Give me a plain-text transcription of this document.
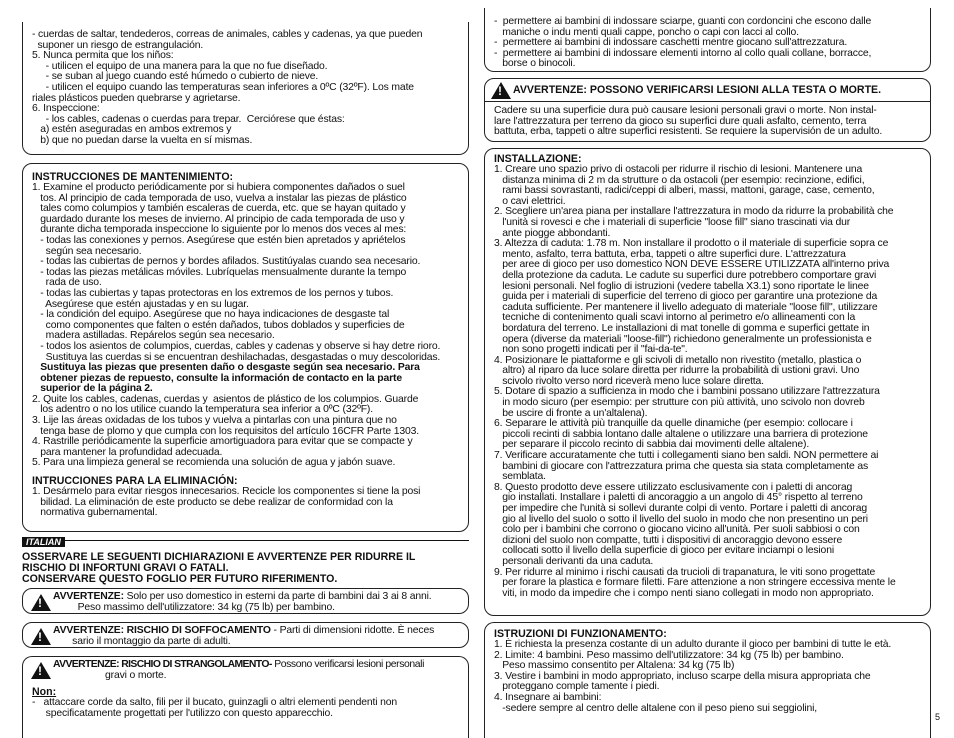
- cuerdas de saltar, tendederos, correas de animales, cables y cadenas, ya que pueden
suponer un riesgo de estrangulación.
5. Nunca permita que los niños:
- utilicen el equipo de una manera para la que no fue diseñado.
- se suban al juego cuando esté húmedo o cubierto de nieve.
- utilicen el equipo cuando las temperaturas sean inferiores a 0ºC (32ºF). Los mate
riales plásticos pueden quebrarse y agrietarse.
6. Inspeccione:
- los cables, cadenas o cuerdas para trepar.  Cerciórese que éstas:
a) estén aseguradas en ambos extremos y
b) que no puedan darse la vuelta en sí mismas.
INSTRUCCIONES DE MANTENIMIENTO:
1. Examine el producto periódicamente por si hubiera componentes dañados o suel
tos. Al principio de cada temporada de uso, vuelva a instalar las piezas de plástico
tales como columpios y también escaleras de cuerda, etc. que se hayan quitado y
guardado durante los meses de invierno. Al principio de cada temporada de uso y
durante dicha temporada inspeccione lo siguiente por lo menos dos veces al mes:
- todas las conexiones y pernos. Asegúrese que estén bien apretados y apriételos
según sea necesario.
- todas las cubiertas de pernos y bordes afilados. Sustitúyalas cuando sea necesario.
- todas las piezas metálicas móviles. Lubríquelas mensualmente durante la tempo
rada de uso.
- todas las cubiertas y tapas protectoras en los extremos de los pernos y tubos.
Asegúrese que estén ajustadas y en su lugar.
- la condición del equipo. Asegúrese que no haya indicaciones de desgaste tal
como componentes que falten o estén dañados, tubos doblados y superficies de
madera astilladas. Repárelos según sea necesario.
- todos los asientos de columpios, cuerdas, cables y cadenas y observe si hay detre rioro.
Sustituya las cuerdas si se encuentran deshilachadas, desgastadas o muy descoloridas.
Sustituya las piezas que presenten daño o desgaste según sea necesario. Para
obtener piezas de repuesto, consulte la información de contacto en la parte
superior de la página 2.
2. Quite los cables, cadenas, cuerdas y  asientos de plástico de los columpios. Guarde
los adentro o no los utilice cuando la temperatura sea inferior a 0ºC (32ºF).
3. Lije las áreas oxidadas de los tubos y vuelva a pintarlas con una pintura que no
tenga base de plomo y que cumpla con los requisitos del artículo 16CFR Parte 1303.
4. Rastrille periódicamente la superficie amortiguadora para evitar que se compacte y
para mantener la profundidad adecuada.
5. Para una limpieza general se recomienda una solución de agua y jabón suave.
INTRUCCIONES PARA LA ELIMINACIÓN:
1. Desármelo para evitar riesgos innecesarios. Recicle los componentes si tiene la posi
bilidad. La eliminación de este producto se debe realizar de conformidad con la
normativa gubernamental.
ITALIAN
OSSERVARE LE SEGUENTI DICHIARAZIONI E AVVERTENZE PER RIDURRE IL
RISCHIO DI INFORTUNI GRAVI O FATALI.
CONSERVARE QUESTO FOGLIO PER FUTURO RIFERIMENTO.
!
AVVERTENZE: Solo per uso domestico in esterni da parte di bambini dai 3 ai 8 anni.
Peso massimo dell'utilizzatore: 34 kg (75 lb) per bambino.
!
AVVERTENZE: RISCHIO DI SOFFOCAMENTO - Parti di dimensioni ridotte. È neces
sario il montaggio da parte di adulti.
!
AVVERTENZE: RISCHIO DI STRANGOLAMENTO- Possono verificarsi lesioni personali
gravi o morte.
Non:
-   attaccare corde da salto, fili per il bucato, guinzagli o altri elementi pendenti non
specificatamente progettati per l'utilizzo con questo apparecchio.
-  permettere ai bambini di indossare sciarpe, guanti con cordoncini che escono dalle
maniche o indu menti quali cappe, poncho o capi con lacci al collo.
-  permettere ai bambini di indossare caschetti mentre giocano sull'attrezzatura.
-  permettere ai bambini di indossare elementi intorno al collo quali collane, borracce,
borse o binocoli.
!
AVVERTENZE: POSSONO VERIFICARSI LESIONI ALLA TESTA O MORTE.
Cadere su una superficie dura può causare lesioni personali gravi o morte. Non instal-
lare l'attrezzatura per terreno da gioco su superfici dure quali asfalto, cemento, terra
battuta, erba, tappeti o altre superfici resistenti. Se requiere la supervisión de un adulto.
INSTALLAZIONE:
1. Creare uno spazio privo di ostacoli per ridurre il rischio di lesioni. Mantenere una
distanza minima di 2 m da strutture o da ostacoli (per esempio: recinzione, edifici,
rami bassi sovrastanti, radici/ceppi di alberi, massi, mattoni, garage, case, cemento,
o cavi elettrici.
2. Scegliere un'area piana per installare l'attrezzatura in modo da ridurre la probabilità che
l'unità si rovesci e che i materiali di superficie "loose fill" siano trascinati via dur
ante piogge abbondanti.
3. Altezza di caduta: 1.78 m. Non installare il prodotto o il materiale di superficie sopra ce
mento, asfalto, terra battuta, erba, tappeti o altre superfici dure. L'attrezzatura
per aree di gioco per uso domestico NON DEVE ESSERE UTILIZZATA all'interno priva
della protezione da caduta. Le cadute su superfici dure potrebbero comportare gravi
lesioni personali. Nel foglio di istruzioni (vedere tabella X3.1) sono riportate le linee
guida per i materiali di superficie del terreno di gioco per garantire una protezione da
caduta sufficiente. Per mantenere il livello adeguato di materiale "loose fill", utilizzare
tecniche di contenimento quali scavi intorno al perimetro e/o allineamenti con la
bordatura del terreno. Le installazioni di mat tonelle di gomma e superfici gettate in
opera (diverse da materiali "loose-fill") richiedono generalmente un professionista e
non sono progetti indicati per il "fai-da-te".
4. Posizionare le piattaforme e gli scivoli di metallo non rivestito (metallo, plastica o
altro) al riparo da luce solare diretta per ridurre la probabilità di ustioni gravi. Uno
scivolo rivolto verso nord riceverà meno luce solare diretta.
5. Dotare di spazio a sufficienza in modo che i bambini possano utilizzare l'attrezzatura
in modo sicuro (per esempio: per strutture con più attività, uno scivolo non dovreb
be uscire di fronte a un'altalena).
6. Separare le attività più tranquille da quelle dinamiche (per esempio: collocare i
piccoli recinti di sabbia lontano dalle altalene o utilizzare una barriera di protezione
per separare il piccolo recinto di sabbia dai movimenti delle altalene).
7. Verificare accuratamente che tutti i collegamenti siano ben saldi. NON permettere ai
bambini di giocare con l'attrezzatura prima che questa sia stata completamente as
semblata.
8. Questo prodotto deve essere utilizzato esclusivamente con i paletti di ancorag
gio installati. Installare i paletti di ancoraggio a un angolo di 45° rispetto al terreno
per impedire che l'unità si sollevi durante colpi di vento. Portare i paletti di ancorag
gio al livello del suolo o sotto il livello del suolo in modo che non presentino un peri
colo per i bambini che corrono o giocano vicino all'unità. Per suoli sabbiosi o con
dizioni del suolo non compatte, tutti i dispositivi di ancoraggio devono essere
collocati sotto il livello della superficie di gioco per evitare inciampi o lesioni
personali derivanti da una caduta.
9. Per ridurre al minimo i rischi causati da trucioli di trapanatura, le viti sono progettate
per forare la plastica e formare filetti. Fare attenzione a non stringere eccessiva mente le
viti, in modo da impedire che i compo nenti siano collegati in modo non appropriato.
ISTRUZIONI DI FUNZIONAMENTO:
1. È richiesta la presenza costante di un adulto durante il gioco per bambini di tutte le età.
2. Limite: 4 bambini. Peso massimo dell'utilizzatore: 34 kg (75 lb) per bambino.
Peso massimo consentito per Altalena: 34 kg (75 lb)
3. Vestire i bambini in modo appropriato, incluso scarpe della misura appropriata che
proteggano comple tamente i piedi.
4. Insegnare ai bambini:
-sedere sempre al centro delle altalene con il peso pieno sui seggiolini,
5
